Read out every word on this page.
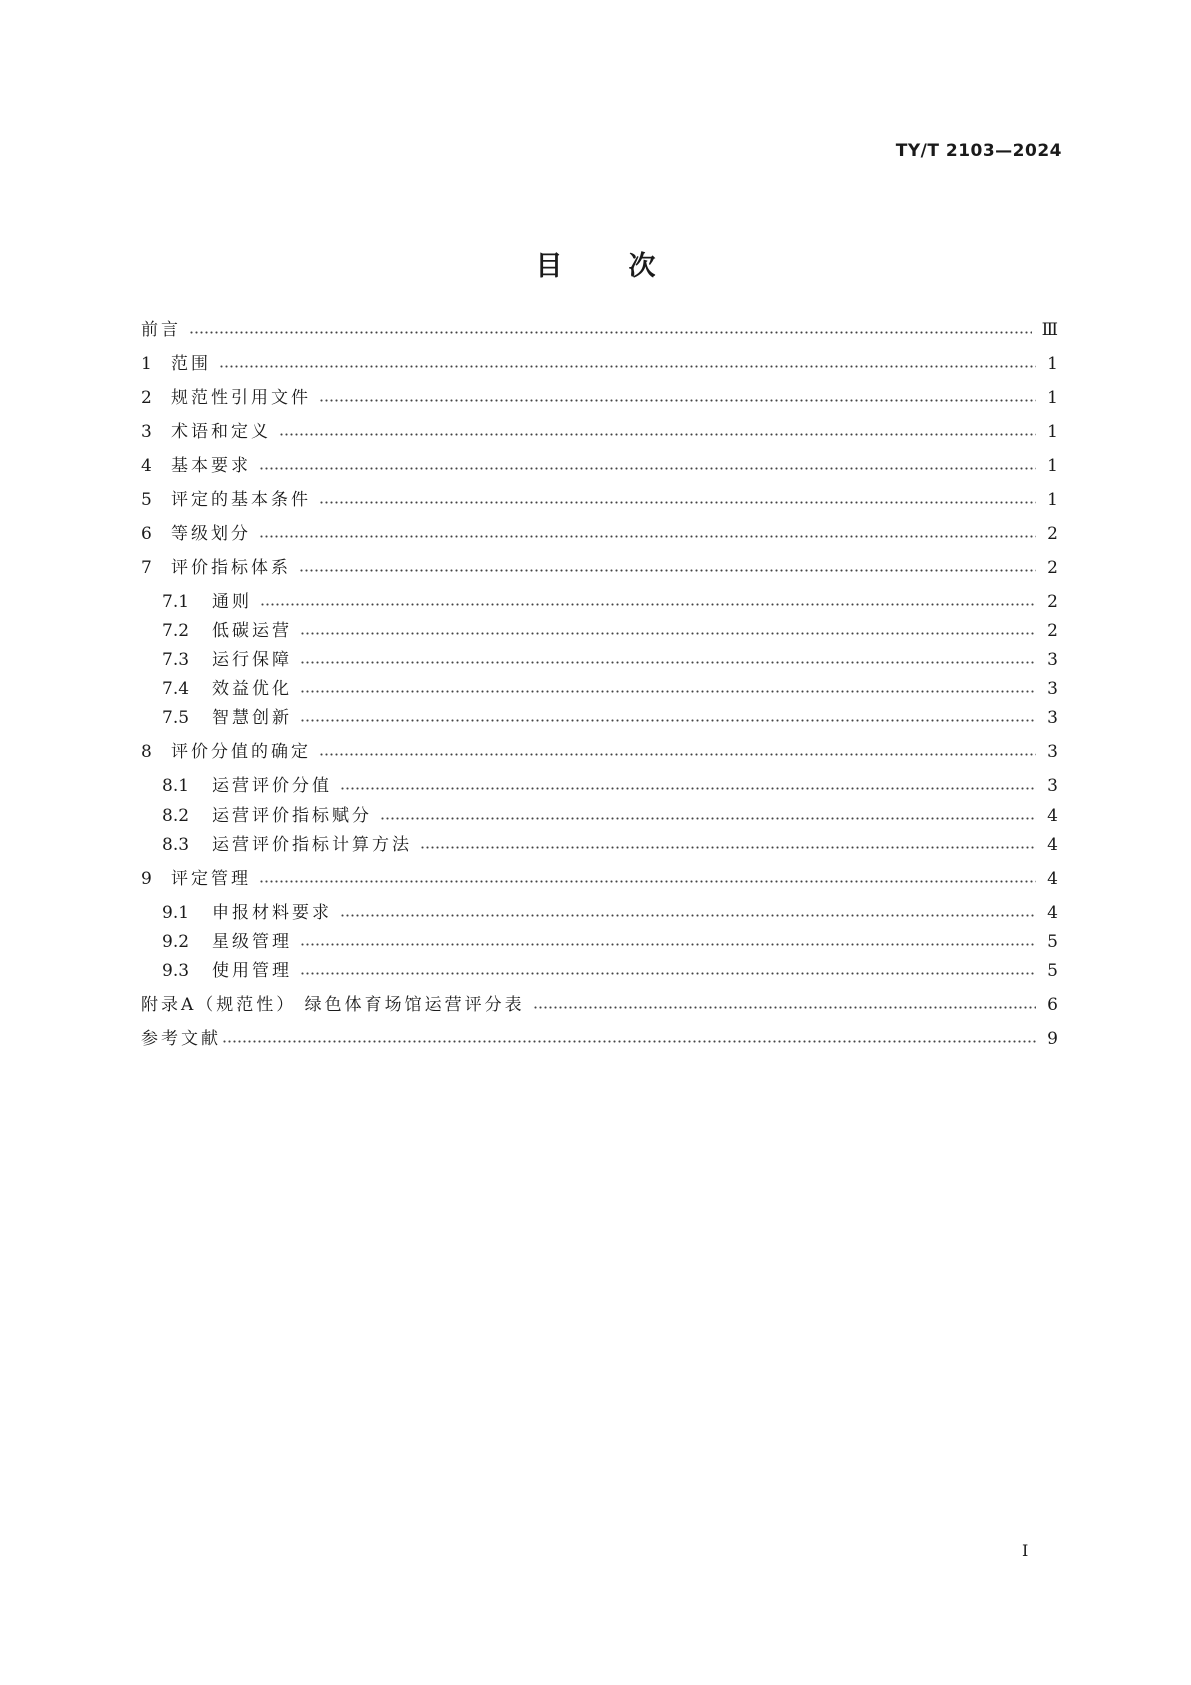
TY/T 2103—2024
目 次
前言	Ⅲ
1	范围	1
2	规范性引用文件	1
3	术语和定义	1
4	基本要求	1
5	评定的基本条件	1
6	等级划分	2
7	评价指标体系	2
7.1	通则	2
7.2	低碳运营	2
7.3	运行保障	3
7.4	效益优化	3
7.5	智慧创新	3
8	评价分值的确定	3
8.1	运营评价分值	3
8.2	运营评价指标赋分	4
8.3	运营评价指标计算方法	4
9	评定管理	4
9.1	申报材料要求	4
9.2	星级管理	5
9.3	使用管理	5
附录A（规范性） 绿色体育场馆运营评分表	6
参考文献	9
I
